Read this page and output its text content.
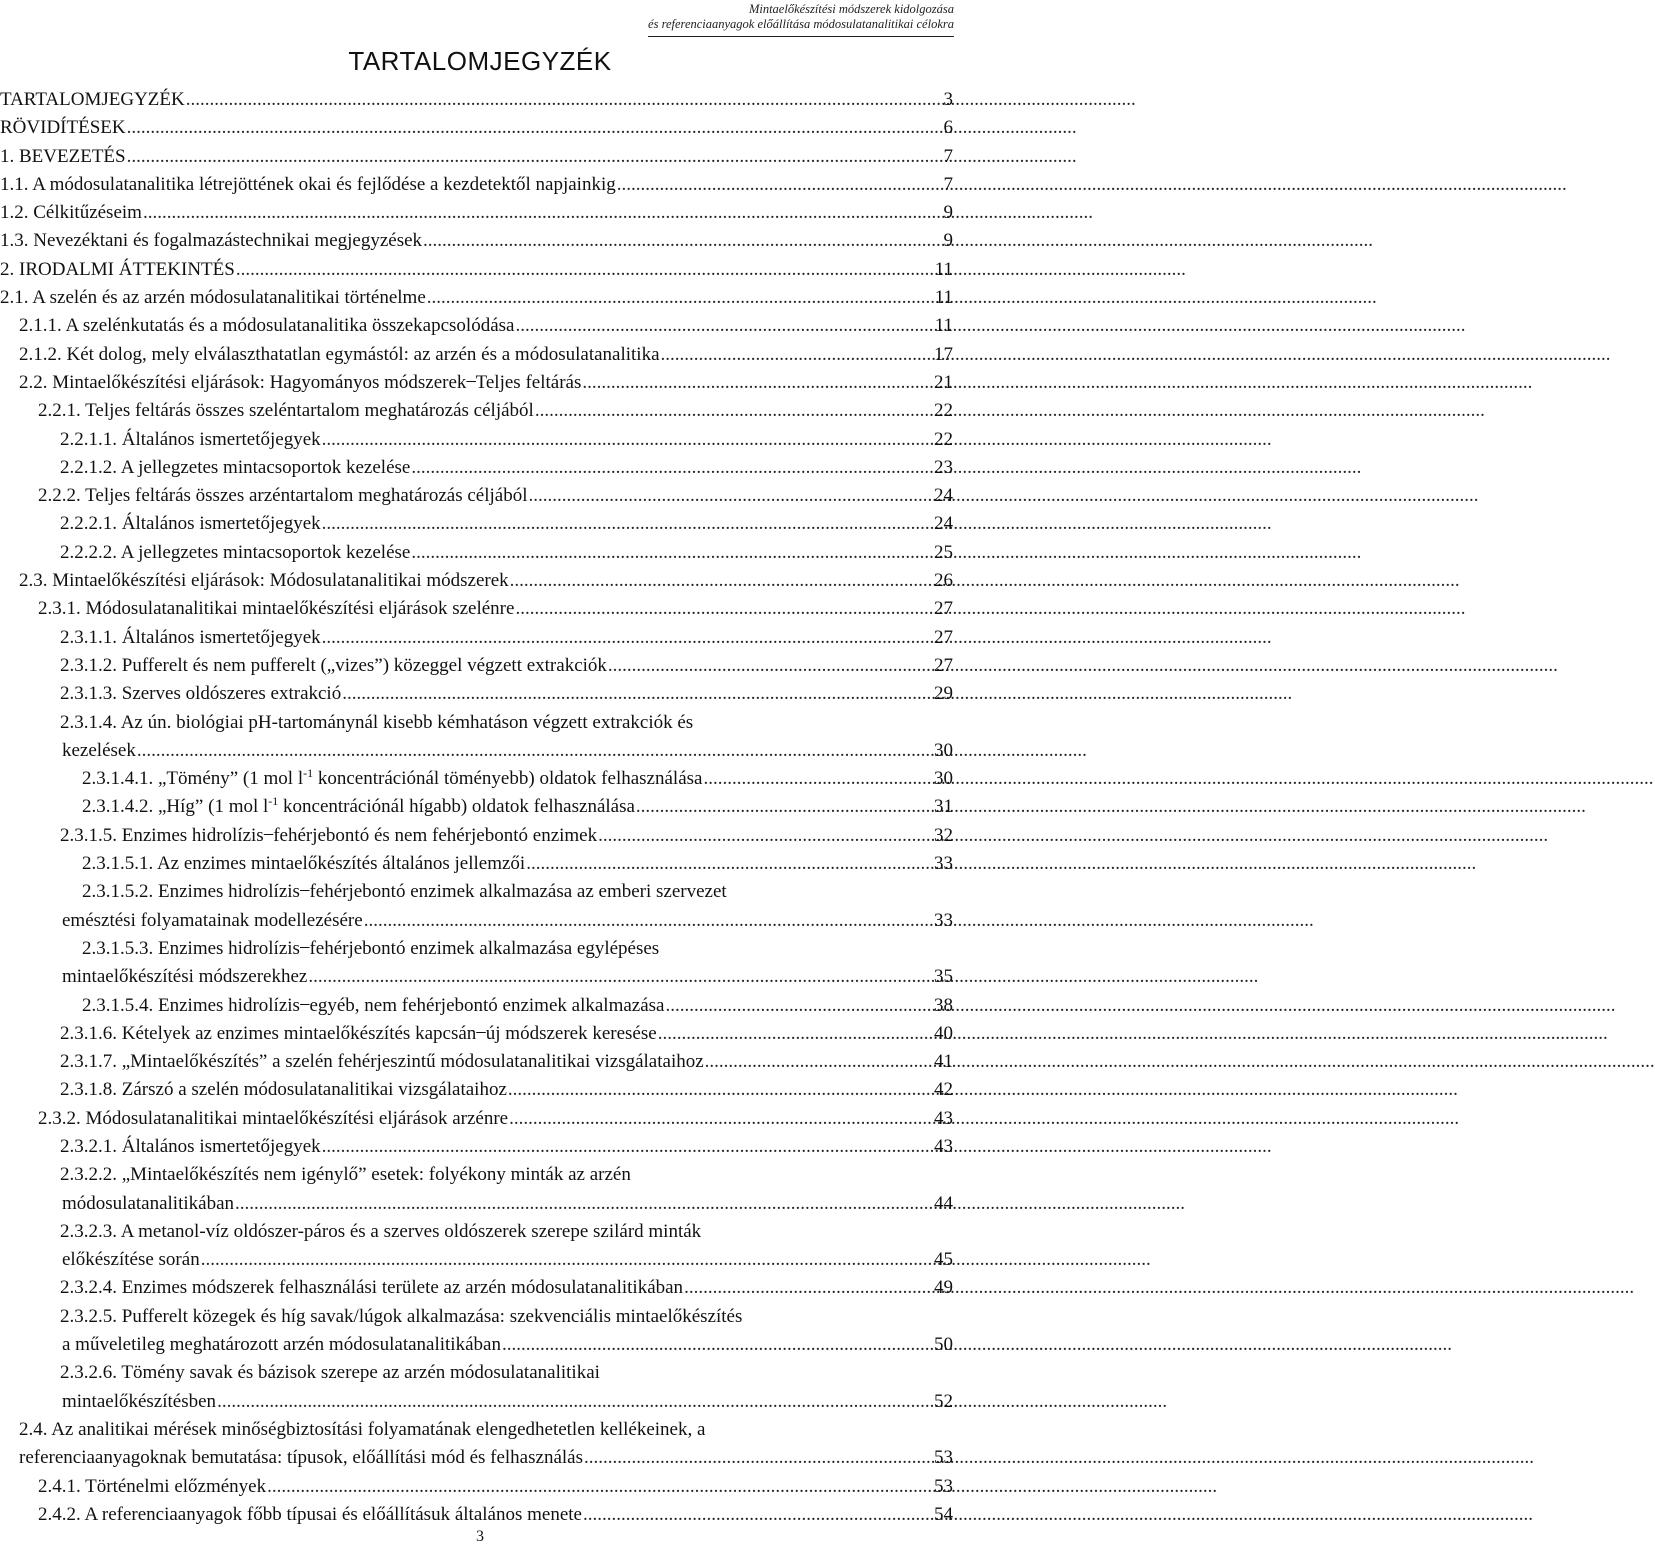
Mintaelőkészítési módszerek kidolgozása
és referenciaanyagok előállítása módosulatanalitikai célokra
TARTALOMJEGYZÉK
TARTALOMJEGYZÉK .....	3
RÖVIDÍTÉSEK .....	6
1. BEVEZETÉS .....	7
1.1. A módosulatanalitika létrejöttének okai és fejlődése a kezdetektől napjainkig .....	7
1.2. Célkitűzéseim .....	9
1.3. Nevezéktani és fogalmazástechnikai megjegyzések .....	9
2. IRODALMI ÁTTEKINTÉS .....	11
2.1. A szelén és az arzén módosulatanalitikai történelme .....	11
2.1.1. A szelénkutatás és a módosulatanalitika összekapcsolódása .....	11
2.1.2. Két dolog, mely elválaszthatatlan egymástól: az arzén és a módosulatanalitika .....	17
2.2. Mintaelőkészítési eljárások: Hagyományos módszerek ̶ Teljes feltárás .....	21
2.2.1. Teljes feltárás összes szeléntartalom meghatározás céljából .....	22
2.2.1.1. Általános ismertetőjegyek .....	22
2.2.1.2. A jellegzetes mintacsoportok kezelése .....	23
2.2.2. Teljes feltárás összes arzéntartalom meghatározás céljából .....	24
2.2.2.1. Általános ismertetőjegyek .....	24
2.2.2.2. A jellegzetes mintacsoportok kezelése .....	25
2.3. Mintaelőkészítési eljárások: Módosulatanalitikai módszerek .....	26
2.3.1. Módosulatanalitikai mintaelőkészítési eljárások szelénre .....	27
2.3.1.1. Általános ismertetőjegyek .....	27
2.3.1.2. Pufferelt és nem pufferelt („vizes”) közeggel végzett extrakciók .....	27
2.3.1.3. Szerves oldószeres extrakció .....	29
2.3.1.4. Az ún. biológiai pH-tartománynál kisebb kémhatáson végzett extrakciók és
kezelések .....	30
2.3.1.4.1. „Tömény” (1 mol $l^{-1}$ koncentrációnál töményebb) oldatok felhasználása .....	30
2.3.1.4.2. „Híg” (1 mol $l^{-1}$ koncentrációnál hígabb) oldatok felhasználása .....	31
2.3.1.5. Enzimes hidrolízis ̶ fehérjebontó és nem fehérjebontó enzimek .....	32
2.3.1.5.1. Az enzimes mintaelőkészítés általános jellemzői .....	33
2.3.1.5.2. Enzimes hidrolízis ̶ fehérjebontó enzimek alkalmazása az emberi szervezet
emésztési folyamatainak modellezésére .....	33
2.3.1.5.3. Enzimes hidrolízis ̶ fehérjebontó enzimek alkalmazása egylépéses
mintaelőkészítési módszerekhez .....	35
2.3.1.5.4. Enzimes hidrolízis ̶ egyéb, nem fehérjebontó enzimek alkalmazása .....	38
2.3.1.6. Kételyek az enzimes mintaelőkészítés kapcsán ̶ új módszerek keresése .....	40
2.3.1.7. „Mintaelőkészítés” a szelén fehérjeszintű módosulatanalitikai vizsgálataihoz .....	41
2.3.1.8. Zárszó a szelén módosulatanalitikai vizsgálataihoz .....	42
2.3.2. Módosulatanalitikai mintaelőkészítési eljárások arzénre .....	43
2.3.2.1. Általános ismertetőjegyek .....	43
2.3.2.2. „Mintaelőkészítés nem igénylő” esetek: folyékony minták az arzén
módosulatanalitikában .....	44
2.3.2.3. A metanol-víz oldószer-páros és a szerves oldószerek szerepe szilárd minták
előkészítése során .....	45
2.3.2.4. Enzimes módszerek felhasználási területe az arzén módosulatanalitikában .....	49
2.3.2.5. Pufferelt közegek és híg savak/lúgok alkalmazása: szekvenciális mintaelőkészítés
a műveletileg meghatározott arzén módosulatanalitikában .....	50
2.3.2.6. Tömény savak és bázisok szerepe az arzén módosulatanalitikai
mintaelőkészítésben .....	52
2.4. Az analitikai mérések minőségbiztosítási folyamatának elengedhetetlen kellékeinek, a
referenciaanyagoknak bemutatása: típusok, előállítási mód és felhasználás .....	53
2.4.1. Történelmi előzmények .....	53
2.4.2. A referenciaanyagok főbb típusai és előállításuk általános menete .....	54
3
